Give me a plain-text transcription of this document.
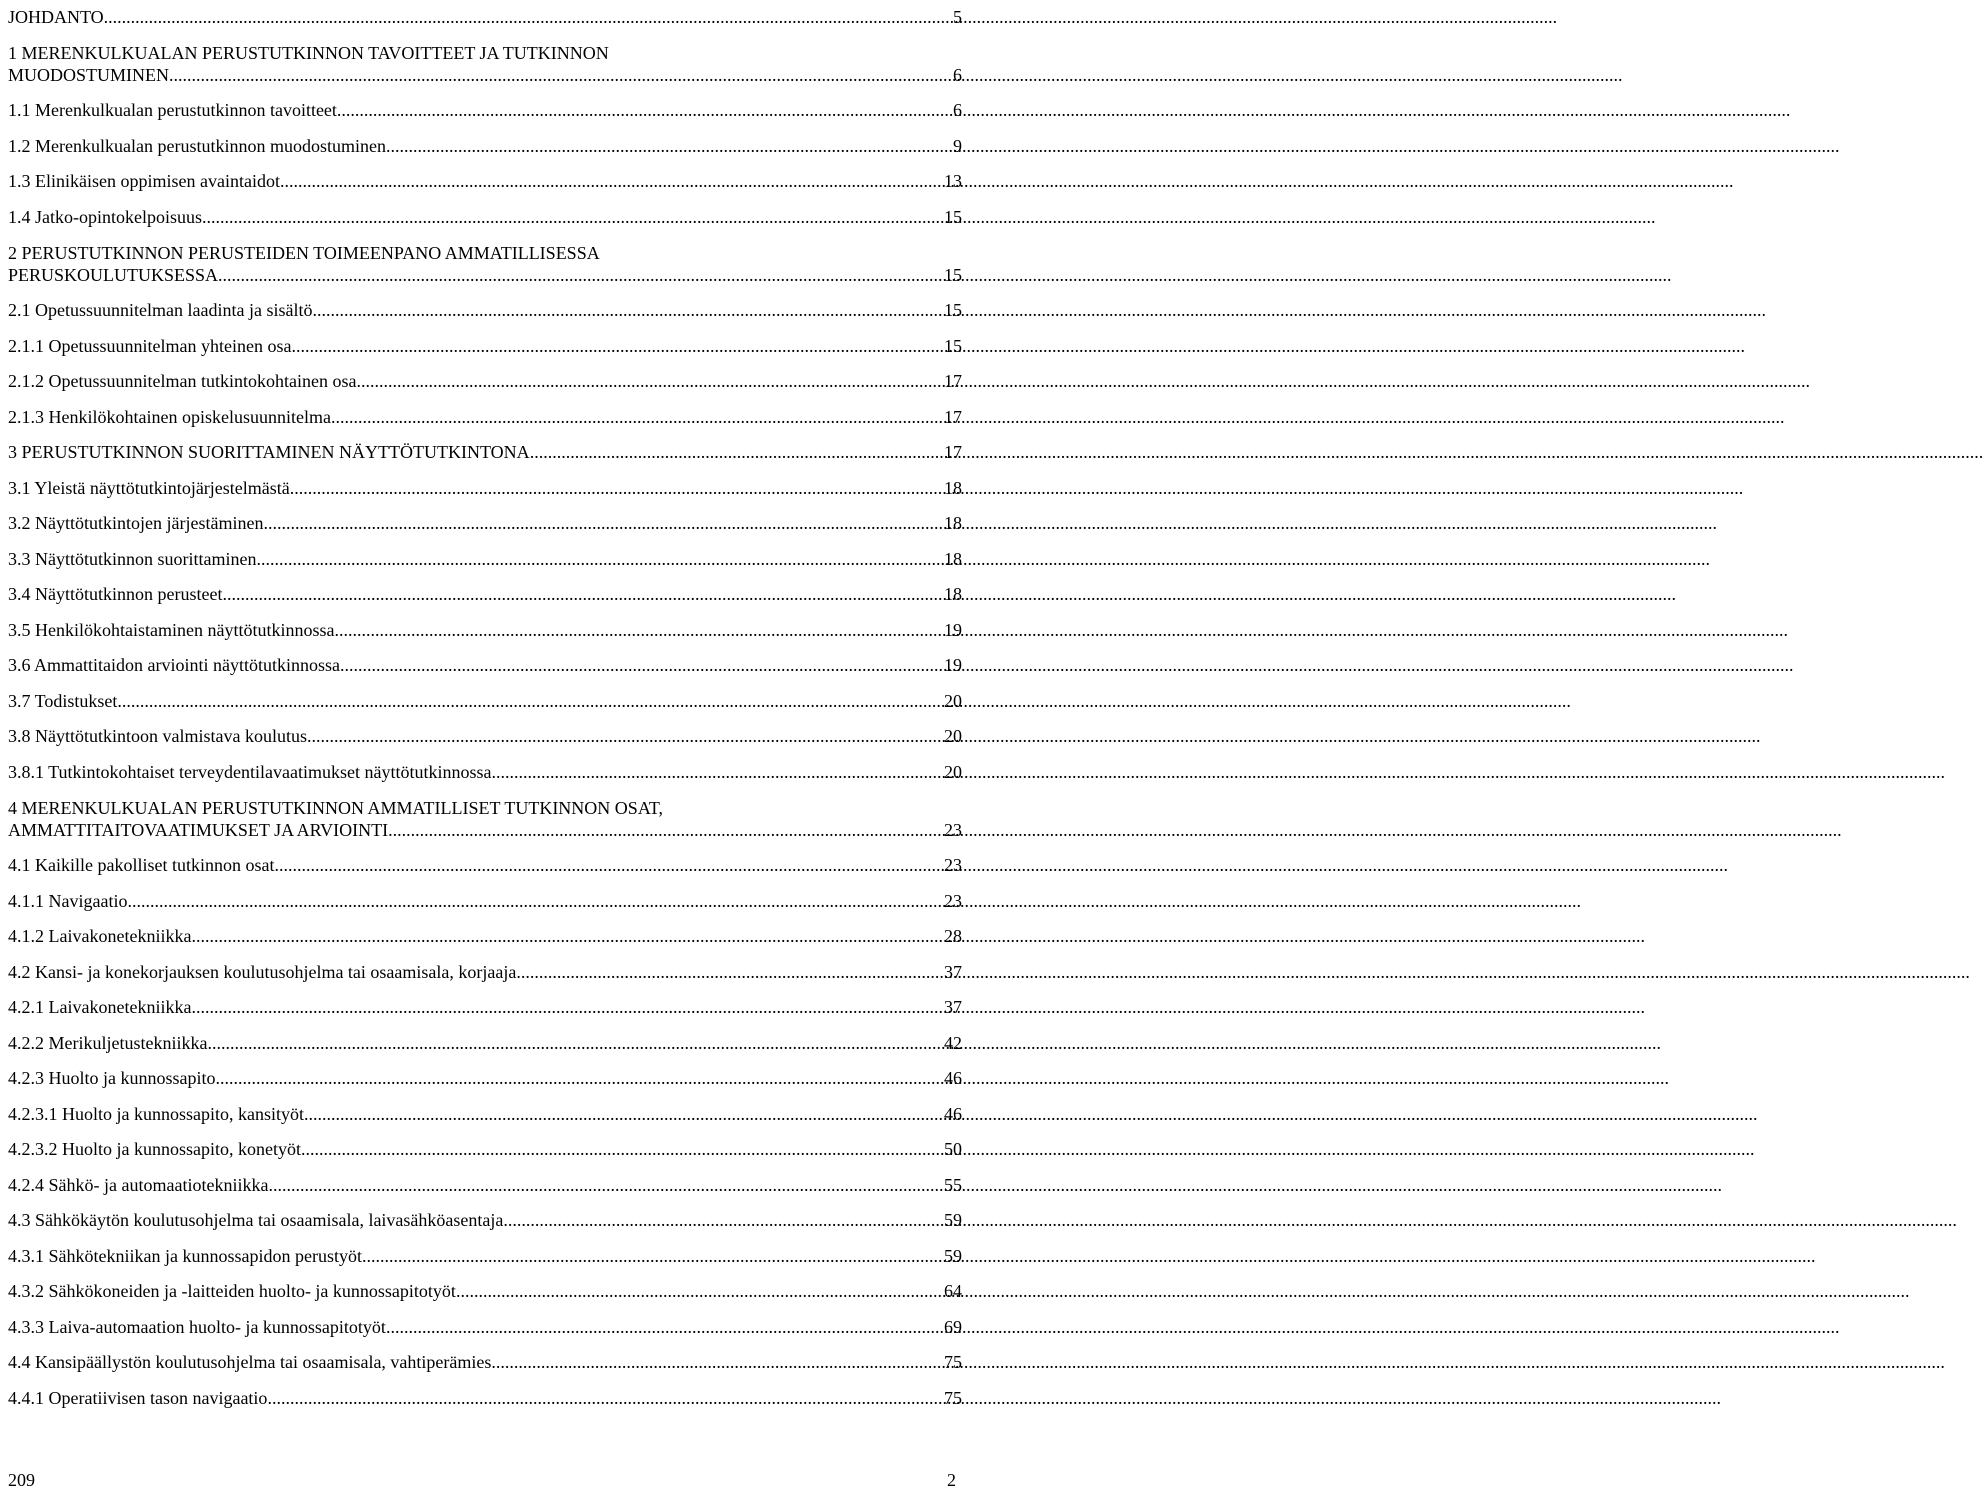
JOHDANTO .....	5
1 MERENKULKUALAN PERUSTUTKINNON TAVOITTEET JA TUTKINNON
MUODOSTUMINEN .....	6
1.1 Merenkulkualan perustutkinnon tavoitteet .....	6
1.2 Merenkulkualan perustutkinnon muodostuminen .....	9
1.3 Elinikäisen oppimisen avaintaidot .....	13
1.4 Jatko-opintokelpoisuus .....	15
2 PERUSTUTKINNON PERUSTEIDEN TOIMEENPANO AMMATILLISESSA
PERUSKOULUTUKSESSA .....	15
2.1 Opetussuunnitelman laadinta ja sisältö .....	15
2.1.1 Opetussuunnitelman yhteinen osa .....	15
2.1.2 Opetussuunnitelman tutkintokohtainen osa .....	17
2.1.3 Henkilökohtainen opiskelusuunnitelma .....	17
3 PERUSTUTKINNON SUORITTAMINEN NÄYTTÖTUTKINTONA .....	17
3.1 Yleistä näyttötutkintojärjestelmästä .....	18
3.2 Näyttötutkintojen järjestäminen .....	18
3.3 Näyttötutkinnon suorittaminen .....	18
3.4 Näyttötutkinnon perusteet .....	18
3.5 Henkilökohtaistaminen näyttötutkinnossa .....	19
3.6 Ammattitaidon arviointi näyttötutkinnossa .....	19
3.7 Todistukset .....	20
3.8 Näyttötutkintoon valmistava koulutus .....	20
3.8.1 Tutkintokohtaiset terveydentilavaatimukset näyttötutkinnossa .....	20
4 MERENKULKUALAN PERUSTUTKINNON AMMATILLISET TUTKINNON OSAT,
AMMATTITAITOVAATIMUKSET JA ARVIOINTI .....	23
4.1 Kaikille pakolliset tutkinnon osat .....	23
4.1.1 Navigaatio .....	23
4.1.2 Laivakonetekniikka .....	28
4.2 Kansi- ja konekorjauksen koulutusohjelma tai osaamisala, korjaaja .....	37
4.2.1 Laivakonetekniikka .....	37
4.2.2 Merikuljetustekniikka .....	42
4.2.3 Huolto ja kunnossapito .....	46
4.2.3.1 Huolto ja kunnossapito, kansityöt .....	46
4.2.3.2 Huolto ja kunnossapito, konetyöt .....	50
4.2.4 Sähkö- ja automaatiotekniikka .....	55
4.3 Sähkökäytön koulutusohjelma tai osaamisala, laivasähköasentaja .....	59
4.3.1 Sähkötekniikan ja kunnossapidon perustyöt .....	59
4.3.2 Sähkökoneiden ja -laitteiden huolto- ja kunnossapitotyöt .....	64
4.3.3 Laiva-automaation huolto- ja kunnossapitotyöt .....	69
4.4 Kansipäällystön koulutusohjelma tai osaamisala, vahtiperämies .....	75
4.4.1 Operatiivisen tason navigaatio .....	75
209	2
